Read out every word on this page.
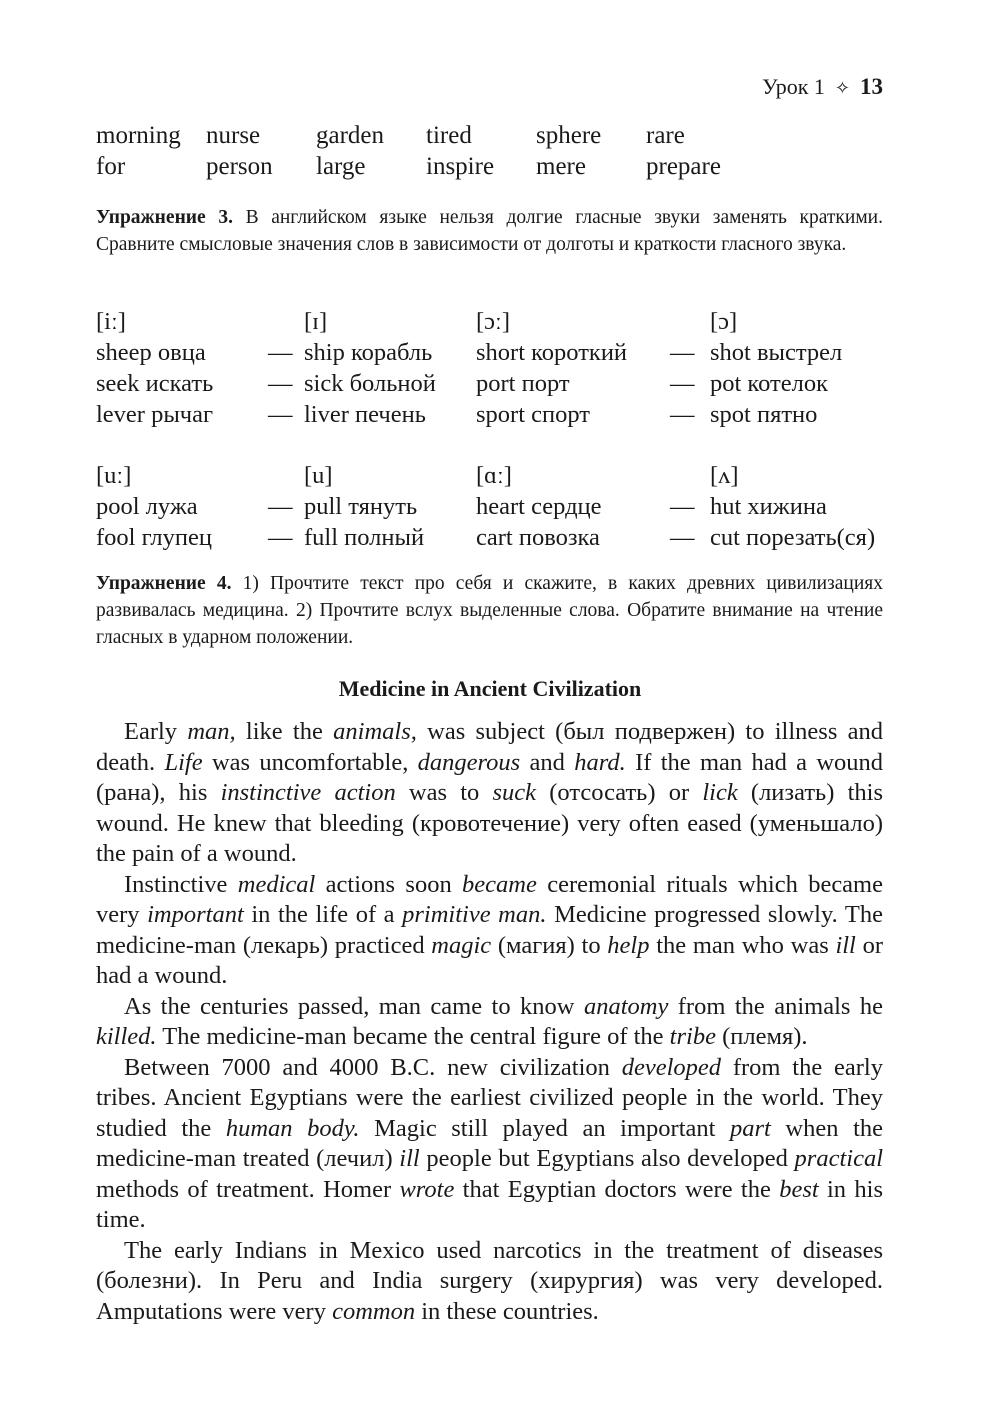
Урок 1 ✧ 13
morning	nurse	garden	tired	sphere	rare
for	person	large	inspire	mere	prepare
Упражнение 3. В английском языке нельзя долгие гласные звуки заменять краткими. Сравните смысловые значения слов в зависимости от долготы и краткости гласного звука.
[iː]	[ɪ]	[ɔː]	[ɔ]
sheep овца	— ship корабль	short короткий	— shot выстрел
seek искать	— sick больной	port порт	— pot котелок
lever рычаг	— liver печень	sport спорт	— spot пятно
[uː]	[u]	[ɑː]	[ʌ]
pool лужа	— pull тянуть	heart сердце	— hut хижина
fool глупец	— full полный	cart повозка	— cut порезать(ся)
Упражнение 4. 1) Прочтите текст про себя и скажите, в каких древних цивилизациях развивалась медицина. 2) Прочтите вслух выделенные слова. Обратите внимание на чтение гласных в ударном положении.
Medicine in Ancient Civilization

Early man, like the animals, was subject (был подвержен) to illness and death. Life was uncomfortable, dangerous and hard. If the man had a wound (рана), his instinctive action was to suck (отсосать) or lick (лизать) this wound. He knew that bleeding (кровотечение) very often eased (уменьшало) the pain of a wound.

Instinctive medical actions soon became ceremonial rituals which became very important in the life of a primitive man. Medicine progressed slowly. The medicine-man (лекарь) practiced magic (магия) to help the man who was ill or had a wound.

As the centuries passed, man came to know anatomy from the animals he killed. The medicine-man became the central figure of the tribe (племя).

Between 7000 and 4000 B.C. new civilization developed from the early tribes. Ancient Egyptians were the earliest civilized people in the world. They studied the human body. Magic still played an important part when the medicine-man treated (лечил) ill people but Egyptians also developed practical methods of treatment. Homer wrote that Egyptian doctors were the best in his time.

The early Indians in Mexico used narcotics in the treatment of diseases (болезни). In Peru and India surgery (хирургия) was very developed. Amputations were very common in these countries.
